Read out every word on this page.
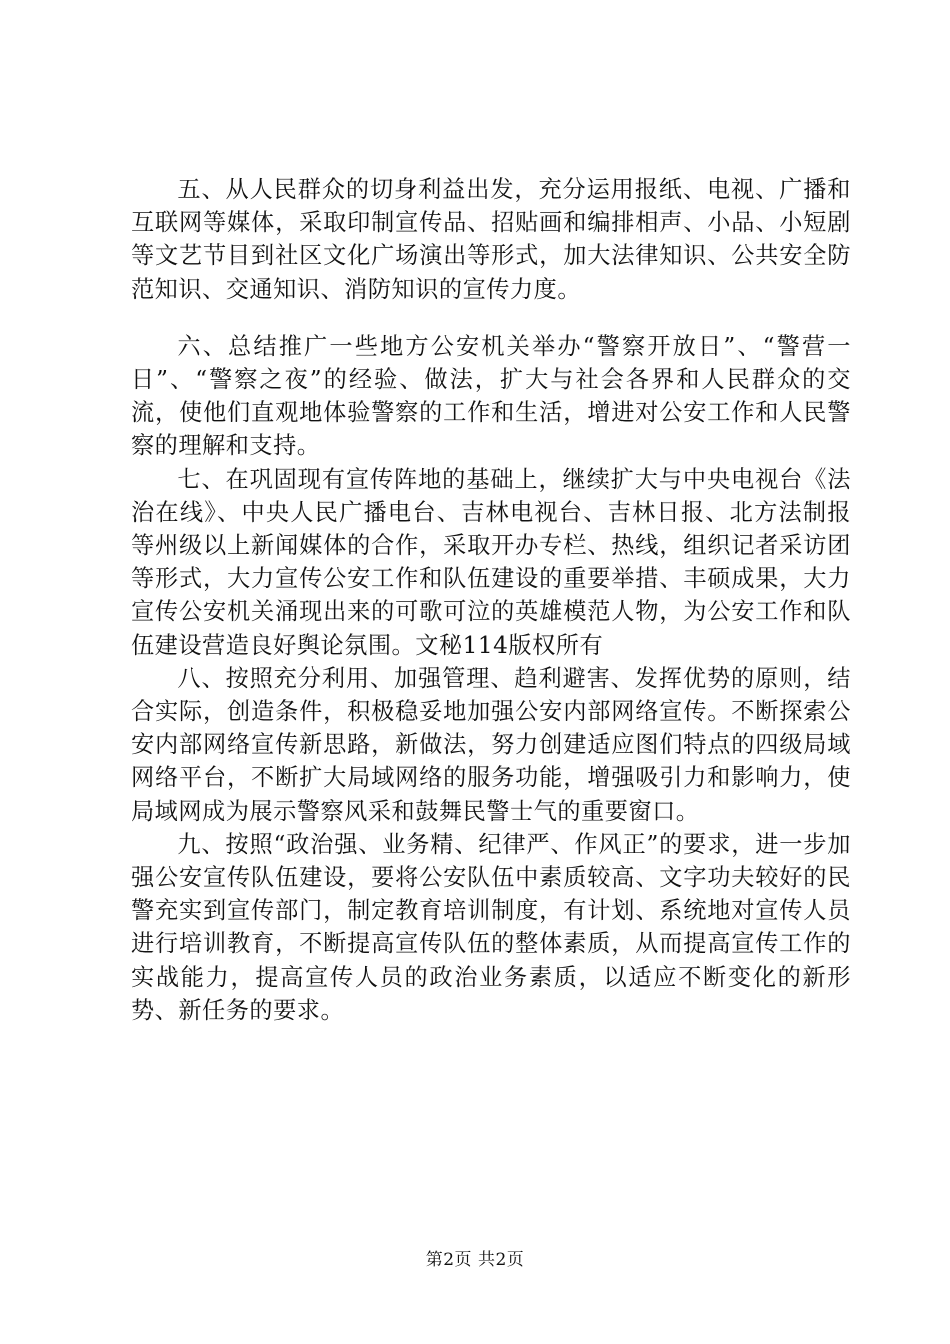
五、从人民群众的切身利益出发，充分运用报纸、电视、广播和互联网等媒体，采取印制宣传品、招贴画和编排相声、小品、小短剧等文艺节目到社区文化广场演出等形式，加大法律知识、公共安全防范知识、交通知识、消防知识的宣传力度。

六、总结推广一些地方公安机关举办“警察开放日”、“警营一日”、“警察之夜”的经验、做法，扩大与社会各界和人民群众的交流，使他们直观地体验警察的工作和生活，增进对公安工作和人民警察的理解和支持。

七、在巩固现有宣传阵地的基础上，继续扩大与中央电视台《法治在线》、中央人民广播电台、吉林电视台、吉林日报、北方法制报等州级以上新闻媒体的合作，采取开办专栏、热线，组织记者采访团等形式，大力宣传公安工作和队伍建设的重要举措、丰硕成果，大力宣传公安机关涌现出来的可歌可泣的英雄模范人物，为公安工作和队伍建设营造良好舆论氛围。文秘114版权所有

八、按照充分利用、加强管理、趋利避害、发挥优势的原则，结合实际，创造条件，积极稳妥地加强公安内部网络宣传。不断探索公安内部网络宣传新思路，新做法，努力创建适应图们特点的四级局域网络平台，不断扩大局域网络的服务功能，增强吸引力和影响力，使局域网成为展示警察风采和鼓舞民警士气的重要窗口。

九、按照“政治强、业务精、纪律严、作风正”的要求，进一步加强公安宣传队伍建设，要将公安队伍中素质较高、文字功夫较好的民警充实到宣传部门，制定教育培训制度，有计划、系统地对宣传人员进行培训教育，不断提高宣传队伍的整体素质，从而提高宣传工作的实战能力，提高宣传人员的政治业务素质，以适应不断变化的新形势、新任务的要求。

第2页 共2页
